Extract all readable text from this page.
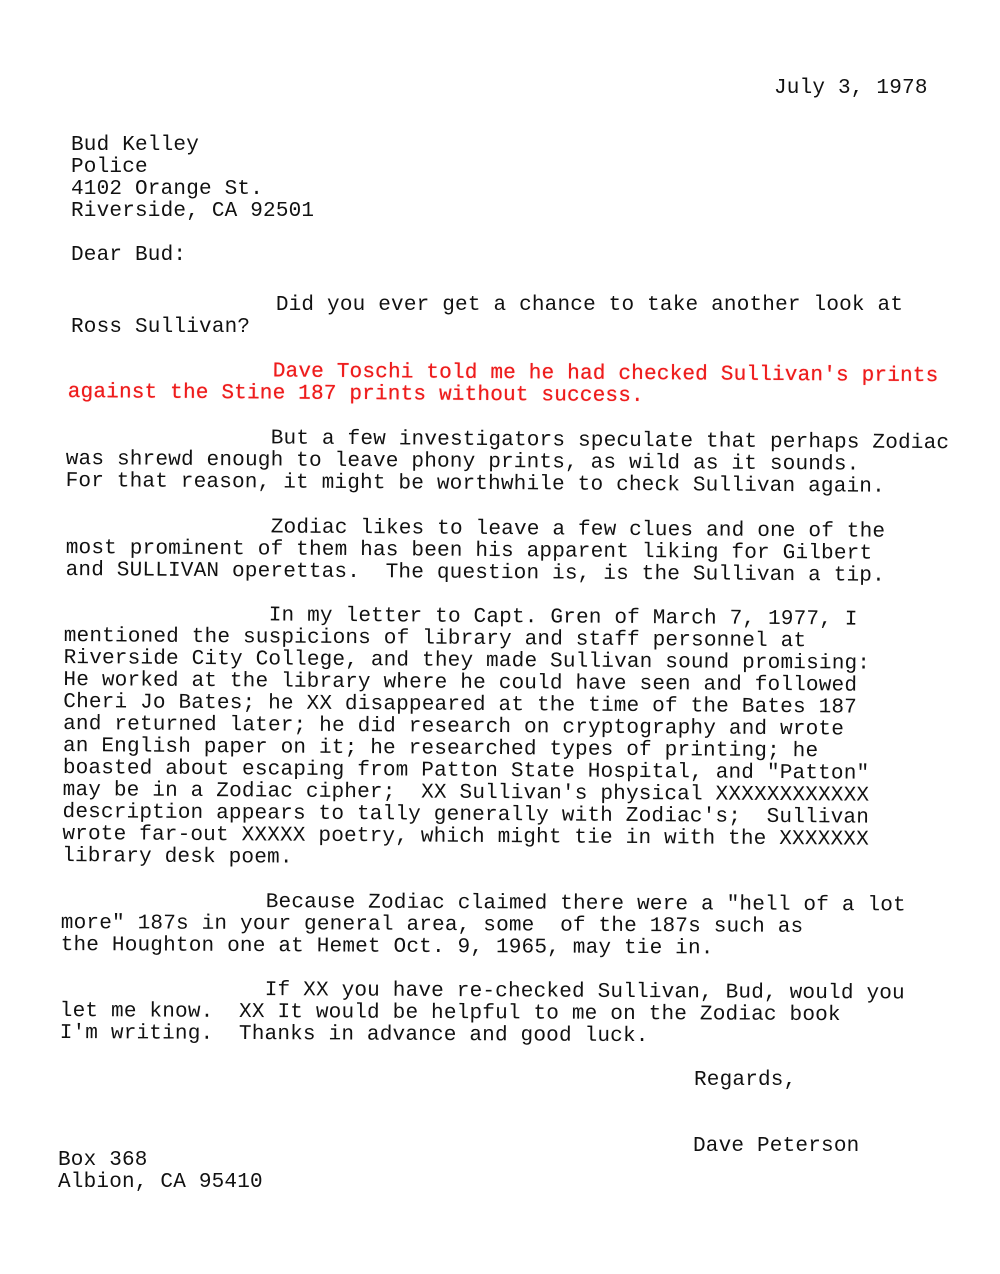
July 3, 1978
Bud Kelley
Police
4102 Orange St.
Riverside, CA 92501
Dear Bud:
Did you ever get a chance to take another look at
Ross Sullivan?
Dave Toschi told me he had checked Sullivan's prints
against the Stine 187 prints without success.
But a few investigators speculate that perhaps Zodiac
was shrewd enough to leave phony prints, as wild as it sounds.
For that reason, it might be worthwhile to check Sullivan again.
Zodiac likes to leave a few clues and one of the
most prominent of them has been his apparent liking for Gilbert
and SULLIVAN operettas.  The question is, is the Sullivan a tip.
In my letter to Capt. Gren of March 7, 1977, I
mentioned the suspicions of library and staff personnel at
Riverside City College, and they made Sullivan sound promising:
He worked at the library where he could have seen and followed
Cheri Jo Bates; he XX disappeared at the time of the Bates 187
and returned later; he did research on cryptography and wrote
an English paper on it; he researched types of printing; he
boasted about escaping from Patton State Hospital, and "Patton"
may be in a Zodiac cipher;  XX Sullivan's physical XXXXXXXXXXXX
description appears to tally generally with Zodiac's;  Sullivan
wrote far-out XXXXX poetry, which might tie in with the XXXXXXX
library desk poem.
Because Zodiac claimed there were a "hell of a lot
more" 187s in your general area, some  of the 187s such as
the Houghton one at Hemet Oct. 9, 1965, may tie in.
If XX you have re-checked Sullivan, Bud, would you
let me know.  XX It would be helpful to me on the Zodiac book
I'm writing.  Thanks in advance and good luck.
Regards,
Dave Peterson
Box 368
Albion, CA 95410
